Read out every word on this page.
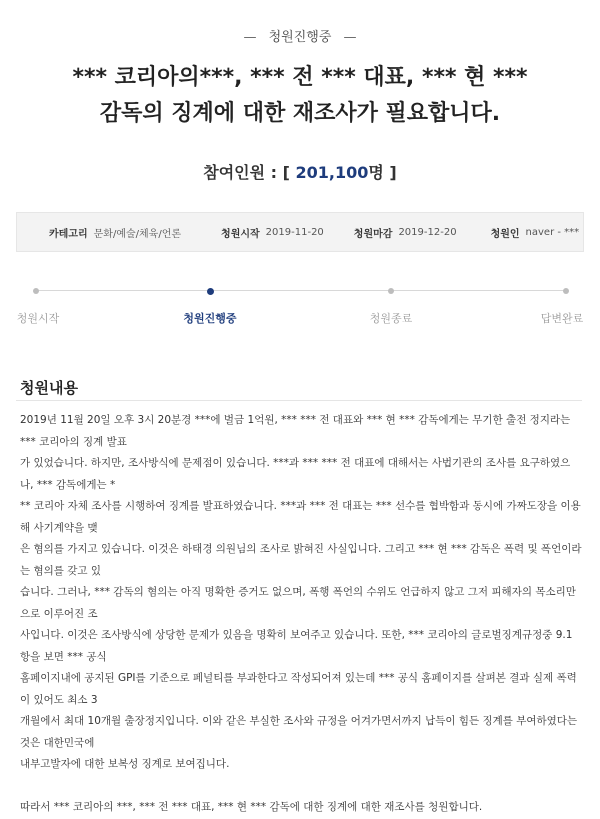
— 청원진행중 —
*** 코리아의***, *** 전 *** 대표, *** 현 ***
감독의 징계에 대한 재조사가 필요합니다.
참여인원 : [ 201,100명 ]
카테고리 문화/예술/체육/언론	청원시작 2019-11-20	청원마감 2019-12-20	청원인 naver - ***
청원시작	청원진행중	청원종료	답변완료
청원내용

2019년 11월 20일 오후 3시 20분경 ***에 벌금 1억원, *** *** 전 대표와 *** 현 *** 감독에게는 무기한 출전 정지라는 *** 코리아의 징계 발표

가 있었습니다. 하지만, 조사방식에 문제점이 있습니다. ***과 *** *** 전 대표에 대해서는 사법기관의 조사를 요구하였으나, *** 감독에게는 *

** 코리아 자체 조사를 시행하여 징계를 발표하였습니다. ***과 *** 전 대표는 *** 선수를 협박함과 동시에 가짜도장을 이용해 사기계약을 맺

은 혐의를 가지고 있습니다. 이것은 하태경 의원님의 조사로 밝혀진 사실입니다. 그리고 *** 현 *** 감독은 폭력 및 폭언이라는 혐의를 갖고 있

습니다. 그러나, *** 감독의 혐의는 아직 명확한 증거도 없으며, 폭행 폭언의 수위도 언급하지 않고 그저 피해자의 목소리만으로 이루어진 조

사입니다. 이것은 조사방식에 상당한 문제가 있음을 명확히 보여주고 있습니다. 또한, *** 코리아의 글로벌징계규정중 9.1항을 보면 *** 공식

홈페이지내에 공지된 GPI를 기준으로 페널티를 부과한다고 작성되어져 있는데 *** 공식 홈페이지를 살펴본 결과 실제 폭력이 있어도 최소 3

개월에서 최대 10개월 출장정지입니다. 이와 같은 부실한 조사와 규정을 어겨가면서까지 납득이 힘든 징계를 부여하였다는것은 대한민국에

내부고발자에 대한 보복성 징계로 보여집니다.

따라서 *** 코리아의 ***, *** 전 *** 대표, *** 현 *** 감독에 대한 징계에 대한 재조사를 청원합니다.
